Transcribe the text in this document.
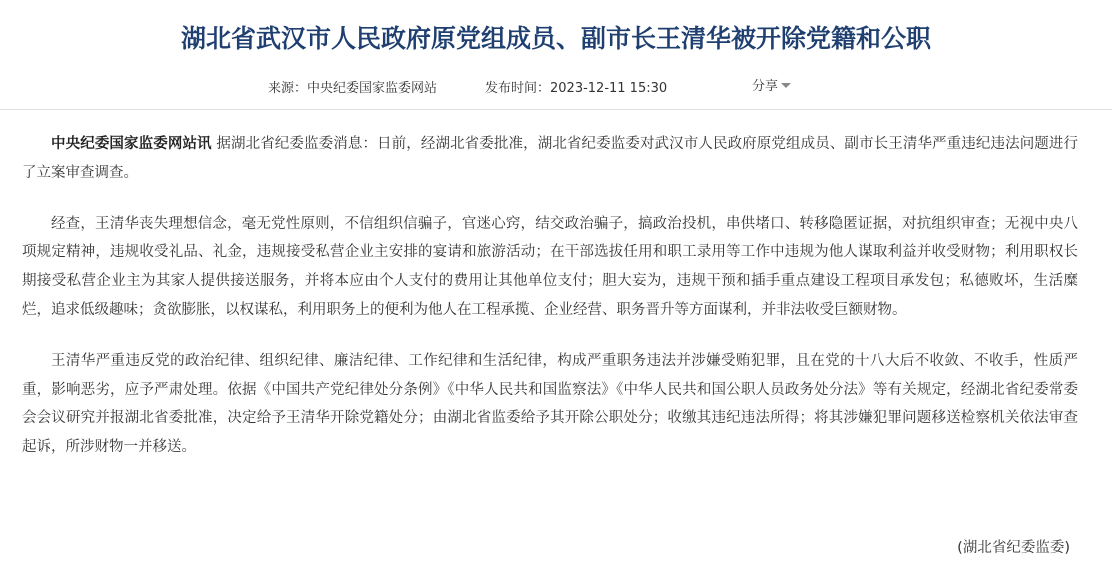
湖北省武汉市人民政府原党组成员、副市长王清华被开除党籍和公职
来源：中央纪委国家监委网站	发布时间：2023-12-11 15:30	分享

中央纪委国家监委网站讯 据湖北省纪委监委消息：日前，经湖北省委批准，湖北省纪委监委对武汉市人民政府原党组成员、副市长王清华严重违纪违法问题进行了立案审查调查。

经查，王清华丧失理想信念，毫无党性原则，不信组织信骗子，官迷心窍，结交政治骗子，搞政治投机，串供堵口、转移隐匿证据，对抗组织审查；无视中央八项规定精神，违规收受礼品、礼金，违规接受私营企业主安排的宴请和旅游活动；在干部选拔任用和职工录用等工作中违规为他人谋取利益并收受财物；利用职权长期接受私营企业主为其家人提供接送服务，并将本应由个人支付的费用让其他单位支付；胆大妄为，违规干预和插手重点建设工程项目承发包；私德败坏，生活糜烂，追求低级趣味；贪欲膨胀，以权谋私，利用职务上的便利为他人在工程承揽、企业经营、职务晋升等方面谋利，并非法收受巨额财物。

王清华严重违反党的政治纪律、组织纪律、廉洁纪律、工作纪律和生活纪律，构成严重职务违法并涉嫌受贿犯罪，且在党的十八大后不收敛、不收手，性质严重，影响恶劣，应予严肃处理。依据《中国共产党纪律处分条例》《中华人民共和国监察法》《中华人民共和国公职人员政务处分法》等有关规定，经湖北省纪委常委会会议研究并报湖北省委批准，决定给予王清华开除党籍处分；由湖北省监委给予其开除公职处分；收缴其违纪违法所得；将其涉嫌犯罪问题移送检察机关依法审查起诉，所涉财物一并移送。

(湖北省纪委监委)
